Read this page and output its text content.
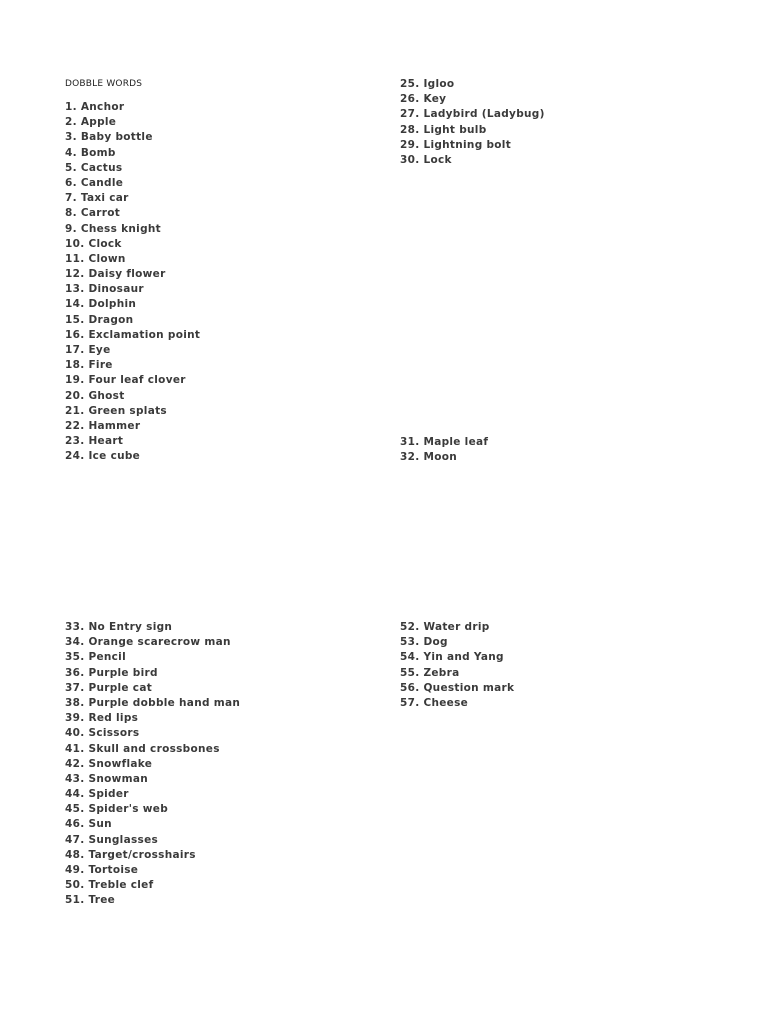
DOBBLE WORDS
1. Anchor
2. Apple
3. Baby bottle
4. Bomb
5. Cactus
6. Candle
7. Taxi car
8. Carrot
9. Chess knight
10. Clock
11. Clown
12. Daisy flower
13. Dinosaur
14. Dolphin
15. Dragon
16. Exclamation point
17. Eye
18. Fire
19. Four leaf clover
20. Ghost
21. Green splats
22. Hammer
23. Heart
24. Ice cube
25. Igloo
26. Key
27. Ladybird (Ladybug)
28. Light bulb
29. Lightning bolt
30. Lock
31. Maple leaf
32. Moon
33. No Entry sign
34. Orange scarecrow man
35. Pencil
36. Purple bird
37. Purple cat
38. Purple dobble hand man
39. Red lips
40. Scissors
41. Skull and crossbones
42. Snowflake
43. Snowman
44. Spider
45. Spider's web
46. Sun
47. Sunglasses
48. Target/crosshairs
49. Tortoise
50. Treble clef
51. Tree
52. Water drip
53. Dog
54. Yin and Yang
55. Zebra
56. Question mark
57. Cheese
